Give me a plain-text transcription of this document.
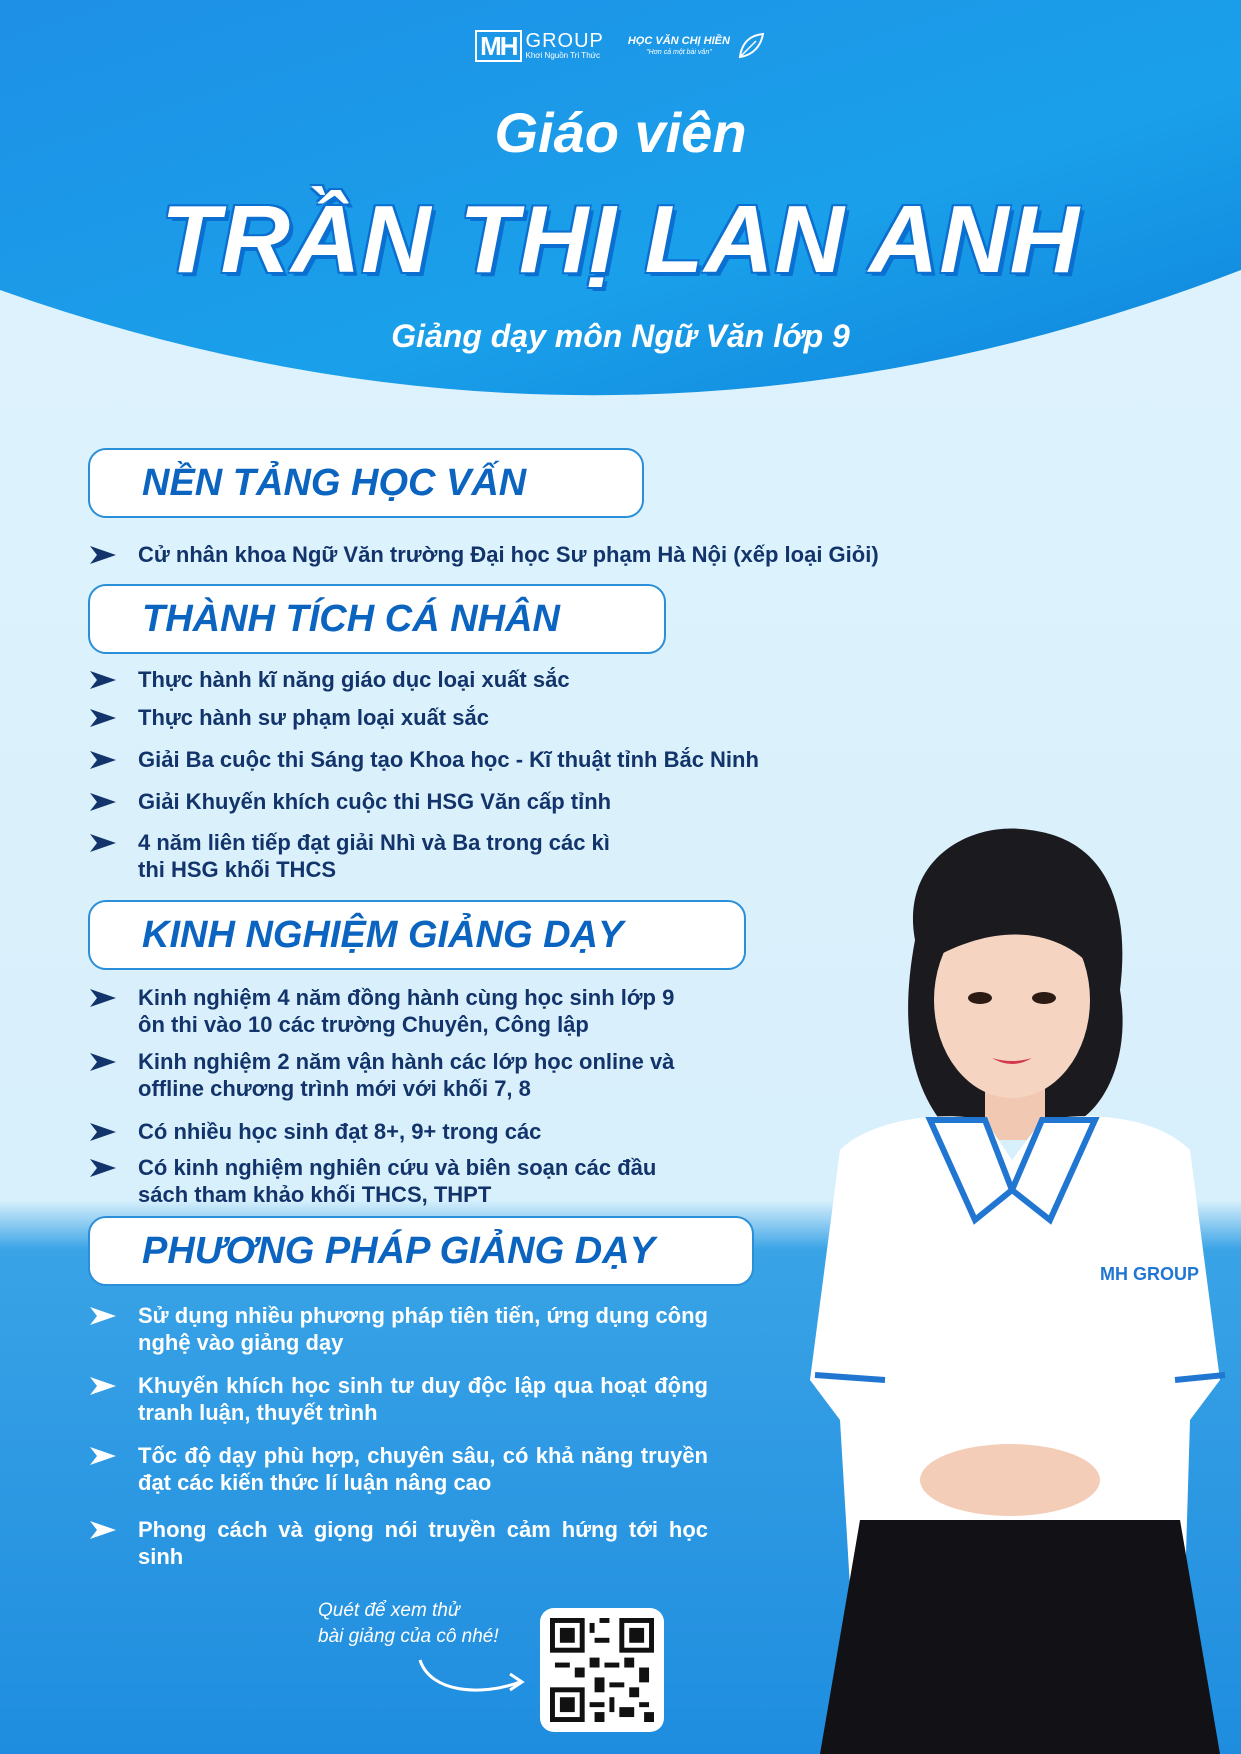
MH GROUP
Khơi Nguồn Tri Thức
HỌC VĂN CHỊ HIỀN
"Hơn cả một bài văn"
Giáo viên
TRẦN THỊ LAN ANH
Giảng dạy môn Ngữ Văn lớp 9
NỀN TẢNG HỌC VẤN
Cử nhân khoa Ngữ Văn trường Đại học Sư phạm Hà Nội (xếp loại Giỏi)
THÀNH TÍCH CÁ NHÂN
Thực hành kĩ năng giáo dục loại xuất sắc
Thực hành sư phạm loại xuất sắc
Giải Ba cuộc thi Sáng tạo Khoa học - Kĩ thuật tỉnh Bắc Ninh
Giải Khuyến khích cuộc thi HSG Văn cấp tỉnh
4 năm liên tiếp đạt giải Nhì và Ba trong các kì
thi HSG khối THCS
KINH NGHIỆM GIẢNG DẠY
Kinh nghiệm 4 năm đồng hành cùng học sinh lớp 9
ôn thi vào 10 các trường Chuyên, Công lập
Kinh nghiệm 2 năm vận hành các lớp học online và
offline chương trình mới với khối 7, 8
Có nhiều học sinh đạt 8+, 9+ trong các
Có kinh nghiệm nghiên cứu và biên soạn các đầu
sách tham khảo khối THCS, THPT
PHƯƠNG PHÁP GIẢNG DẠY
Sử dụng nhiều phương pháp tiên tiến, ứng dụng công nghệ vào giảng dạy
Khuyến khích học sinh tư duy độc lập qua hoạt động tranh luận, thuyết trình
Tốc độ dạy phù hợp, chuyên sâu, có khả năng truyền đạt các kiến thức lí luận nâng cao
Phong cách và giọng nói truyền cảm hứng tới học sinh
MH GROUP
Quét để xem thử
bài giảng của cô nhé!
